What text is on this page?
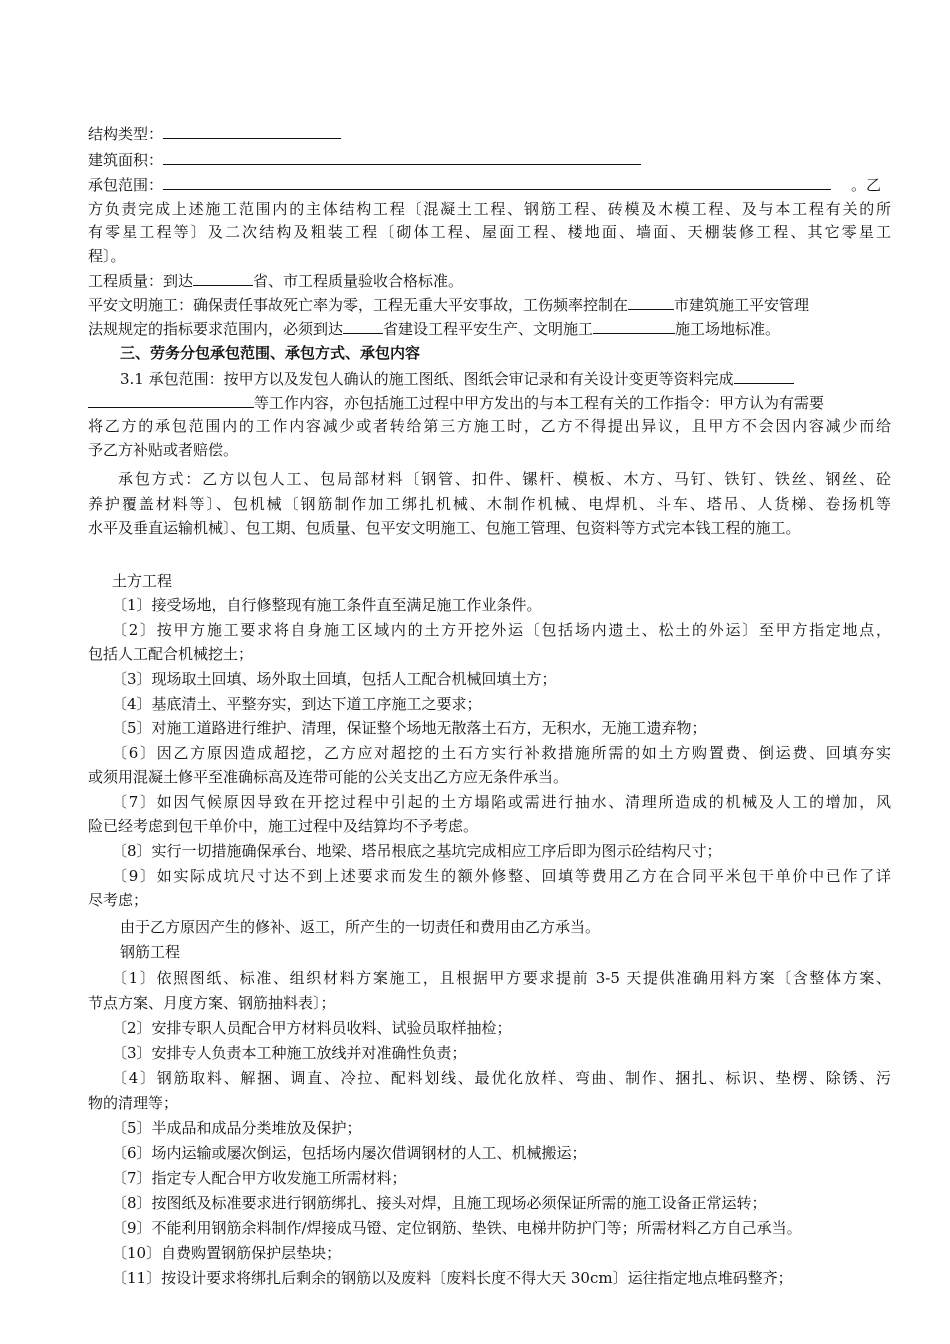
结构类型：
建筑面积：
承包范围：	。乙
方负责完成上述施工范围内的主体结构工程〔混凝土工程、钢筋工程、砖模及木模工程、及与本工程有关的所
有零星工程等〕及二次结构及粗装工程〔砌体工程、屋面工程、楼地面、墙面、天棚装修工程、其它零星工
程〕。
工程质量：到达	省、市工程质量验收合格标准。
平安文明施工：确保责任事故死亡率为零，工程无重大平安事故，工伤频率控制在	市建筑施工平安管理
法规规定的指标要求范围内，必须到达	省建设工程平安生产、文明施工	施工场地标准。
三、劳务分包承包范围、承包方式、承包内容
3.1 承包范围：按甲方以及发包人确认的施工图纸、图纸会审记录和有关设计变更等资料完成
等工作内容，亦包括施工过程中甲方发出的与本工程有关的工作指令：甲方认为有需要
将乙方的承包范围内的工作内容减少或者转给第三方施工时，乙方不得提出异议，且甲方不会因内容减少而给
予乙方补贴或者赔偿。
承包方式：乙方以包人工、包局部材料〔钢管、扣件、镙杆、模板、木方、马钉、铁钉、铁丝、钢丝、砼
养护覆盖材料等〕、包机械〔钢筋制作加工绑扎机械、木制作机械、电焊机、斗车、塔吊、人货梯、卷扬机等
水平及垂直运输机械〕、包工期、包质量、包平安文明施工、包施工管理、包资料等方式完本钱工程的施工。
土方工程
〔1〕接受场地，自行修整现有施工条件直至满足施工作业条件。
〔2〕按甲方施工要求将自身施工区域内的土方开挖外运〔包括场内遗土、松土的外运〕至甲方指定地点，
包括人工配合机械挖土；
〔3〕现场取土回填、场外取土回填，包括人工配合机械回填土方；
〔4〕基底清土、平整夯实，到达下道工序施工之要求；
〔5〕对施工道路进行维护、清理，保证整个场地无散落土石方，无积水，无施工遗弃物；
〔6〕因乙方原因造成超挖，乙方应对超挖的土石方实行补救措施所需的如土方购置费、倒运费、回填夯实
或须用混凝土修平至准确标高及连带可能的公关支出乙方应无条件承当。
〔7〕如因气候原因导致在开挖过程中引起的土方塌陷或需进行抽水、清理所造成的机械及人工的增加，风
险已经考虑到包干单价中，施工过程中及结算均不予考虑。
〔8〕实行一切措施确保承台、地梁、塔吊根底之基坑完成相应工序后即为图示砼结构尺寸；
〔9〕如实际成坑尺寸达不到上述要求而发生的额外修整、回填等费用乙方在合同平米包干单价中已作了详
尽考虑；
由于乙方原因产生的修补、返工，所产生的一切责任和费用由乙方承当。
钢筋工程
〔1〕依照图纸、标准、组织材料方案施工，且根据甲方要求提前 3-5 天提供准确用料方案〔含整体方案、
节点方案、月度方案、钢筋抽料表〕；
〔2〕安排专职人员配合甲方材料员收料、试验员取样抽检；
〔3〕安排专人负责本工种施工放线并对准确性负责；
〔4〕钢筋取料、解捆、调直、冷拉、配料划线、最优化放样、弯曲、制作、捆扎、标识、垫楞、除锈、污
物的清理等；
〔5〕半成品和成品分类堆放及保护；
〔6〕场内运输或屡次倒运，包括场内屡次借调钢材的人工、机械搬运；
〔7〕指定专人配合甲方收发施工所需材料；
〔8〕按图纸及标准要求进行钢筋绑扎、接头对焊，且施工现场必须保证所需的施工设备正常运转；
〔9〕不能利用钢筋余料制作/焊接成马镫、定位钢筋、垫铁、电梯井防护门等；所需材料乙方自己承当。
〔10〕自费购置钢筋保护层垫块；
〔11〕按设计要求将绑扎后剩余的钢筋以及废料〔废料长度不得大天 30cm〕运往指定地点堆码整齐；
